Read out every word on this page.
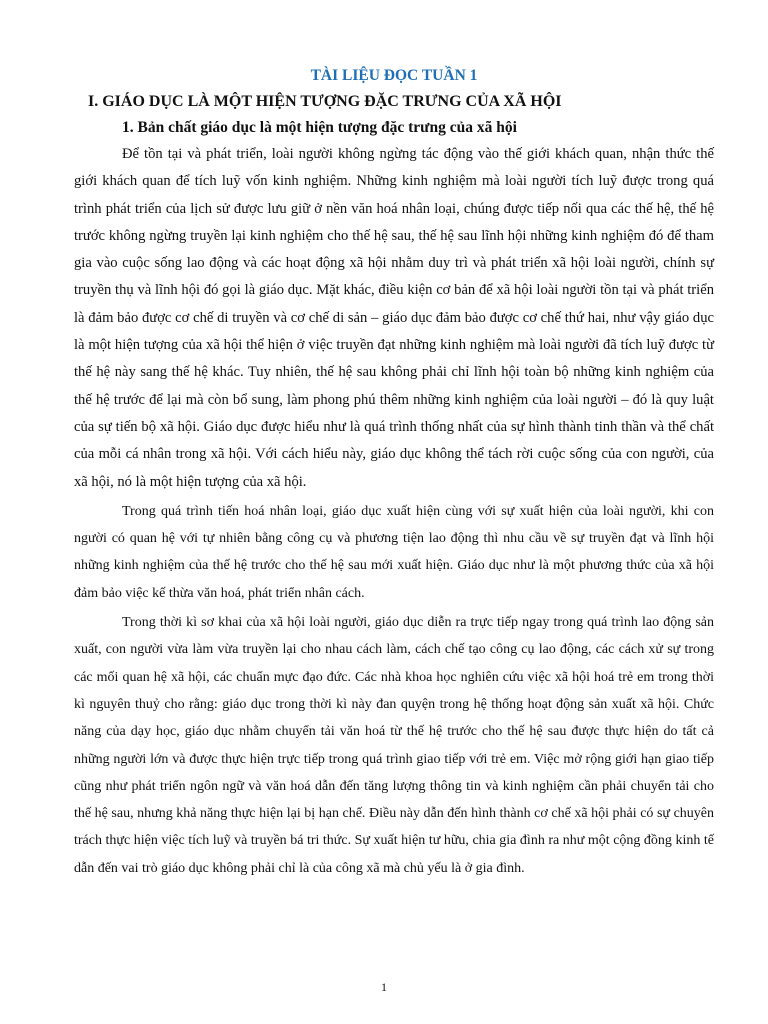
TÀI LIỆU ĐỌC TUẦN 1
I. GIÁO DỤC LÀ MỘT HIỆN TƯỢNG ĐẶC TRƯNG CỦA XÃ HỘI
1. Bản chất giáo dục là một hiện tượng đặc trưng của xã hội

Để tồn tại và phát triển, loài người không ngừng tác động vào thế giới khách quan, nhận thức thế giới khách quan để tích luỹ vốn kinh nghiệm. Những kinh nghiệm mà loài người tích luỹ được trong quá trình phát triển của lịch sử được lưu giữ ở nền văn hoá nhân loại, chúng được tiếp nối qua các thế hệ, thế hệ trước không ngừng truyền lại kinh nghiệm cho thế hệ sau, thế hệ sau lĩnh hội những kinh nghiệm đó để tham gia vào cuộc sống lao động và các hoạt động xã hội nhằm duy trì và phát triển xã hội loài người, chính sự truyền thụ và lĩnh hội đó gọi là giáo dục. Mặt khác, điều kiện cơ bản để xã hội loài người tồn tại và phát triển là đảm bảo được cơ chế di truyền và cơ chế di sản – giáo dục đảm bảo được cơ chế thứ hai, như vậy giáo dục là một hiện tượng của xã hội thể hiện ở việc truyền đạt những kinh nghiệm mà loài người đã tích luỹ được từ thế hệ này sang thế hệ khác. Tuy nhiên, thế hệ sau không phải chỉ lĩnh hội toàn bộ những kinh nghiệm của thế hệ trước để lại mà còn bổ sung, làm phong phú thêm những kinh nghiệm của loài người – đó là quy luật của sự tiến bộ xã hội. Giáo dục được hiểu như là quá trình thống nhất của sự hình thành tinh thần và thể chất của mỗi cá nhân trong xã hội. Với cách hiểu này, giáo dục không thể tách rời cuộc sống của con người, của xã hội, nó là một hiện tượng của xã hội.

Trong quá trình tiến hoá nhân loại, giáo dục xuất hiện cùng với sự xuất hiện của loài người, khi con người có quan hệ với tự nhiên bằng công cụ và phương tiện lao động thì nhu cầu về sự truyền đạt và lĩnh hội những kinh nghiệm của thế hệ trước cho thế hệ sau mới xuất hiện. Giáo dục như là một phương thức của xã hội đảm bảo việc kế thừa văn hoá, phát triển nhân cách.

Trong thời kì sơ khai của xã hội loài người, giáo dục diễn ra trực tiếp ngay trong quá trình lao động sản xuất, con người vừa làm vừa truyền lại cho nhau cách làm, cách chế tạo công cụ lao động, các cách xử sự trong các mối quan hệ xã hội, các chuẩn mực đạo đức. Các nhà khoa học nghiên cứu việc xã hội hoá trẻ em trong thời kì nguyên thuỷ cho rằng: giáo dục trong thời kì này đan quyện trong hệ thống hoạt động sản xuất xã hội. Chức năng của dạy học, giáo dục nhằm chuyển tải văn hoá từ thế hệ trước cho thế hệ sau được thực hiện do tất cả những người lớn và được thực hiện trực tiếp trong quá trình giao tiếp với trẻ em. Việc mở rộng giới hạn giao tiếp cũng như phát triển ngôn ngữ và văn hoá dẫn đến tăng lượng thông tin và kinh nghiệm cần phải chuyển tải cho thế hệ sau, nhưng khả năng thực hiện lại bị hạn chế. Điều này dẫn đến hình thành cơ chế xã hội phải có sự chuyên trách thực hiện việc tích luỹ và truyền bá tri thức. Sự xuất hiện tư hữu, chia gia đình ra như một cộng đồng kinh tế dẫn đến vai trò giáo dục không phải chỉ là của công xã mà chủ yếu là ở gia đình.

1
